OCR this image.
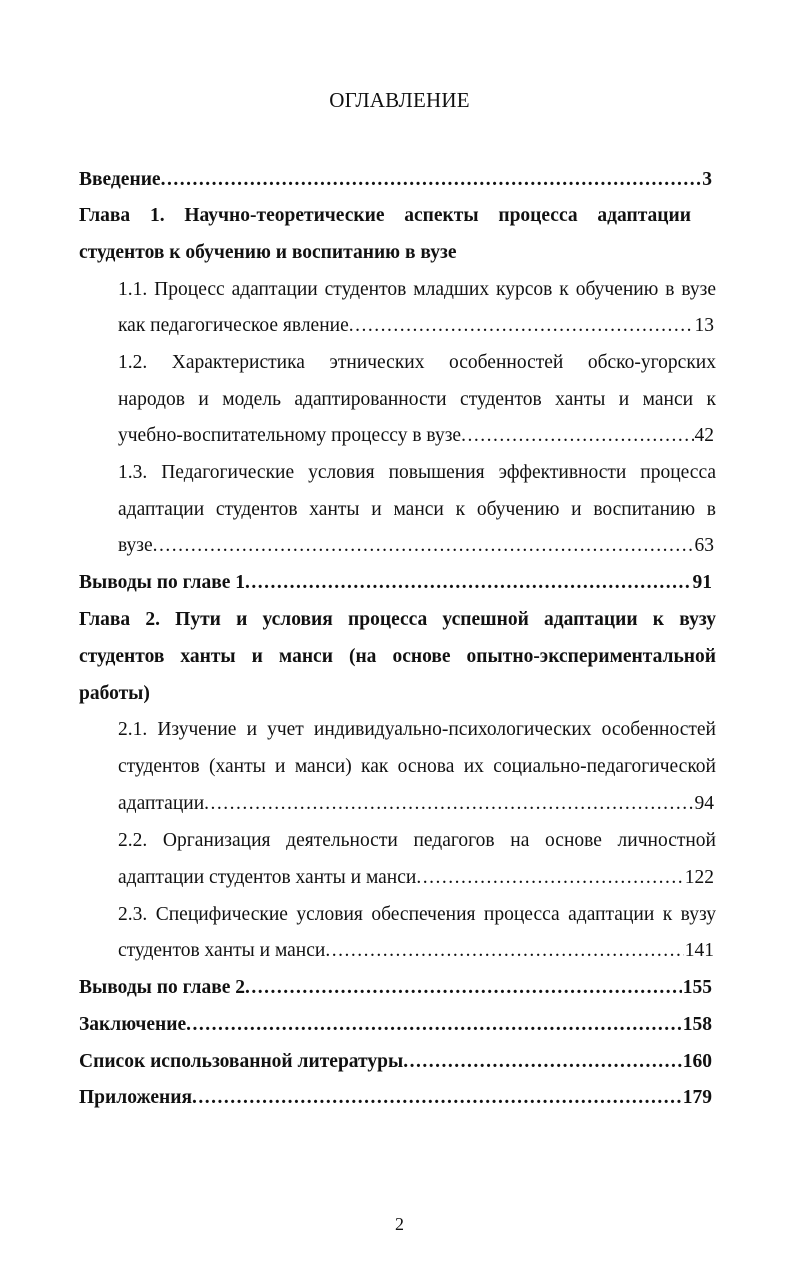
ОГЛАВЛЕНИЕ
Введение .....	3
Глава 1. Научно-теоретические аспекты процесса адаптации
студентов к обучению и воспитанию в вузе
1.1. Процесс адаптации студентов младших курсов к обучению в вузе
как педагогическое явление .....	13
1.2. Характеристика этнических особенностей обско-угорских
народов и модель адаптированности студентов ханты и манси к
учебно-воспитательному процессу в вузе .....	42
1.3. Педагогические условия повышения эффективности процесса
адаптации студентов ханты и манси к обучению и воспитанию в
вузе .....	63
Выводы по главе 1 .....	91
Глава 2. Пути и условия процесса успешной адаптации к вузу
студентов ханты и манси (на основе опытно-экспериментальной
работы)
2.1. Изучение и учет индивидуально-психологических особенностей
студентов (ханты и манси) как основа их социально-педагогической
адаптации .....	94
2.2. Организация деятельности педагогов на основе личностной
адаптации студентов ханты и манси .....	122
2.3. Специфические условия обеспечения процесса адаптации к вузу
студентов ханты и манси .....	141
Выводы по главе 2 .....	155
Заключение .....	158
Список использованной литературы .....	160
Приложения .....	179
2
